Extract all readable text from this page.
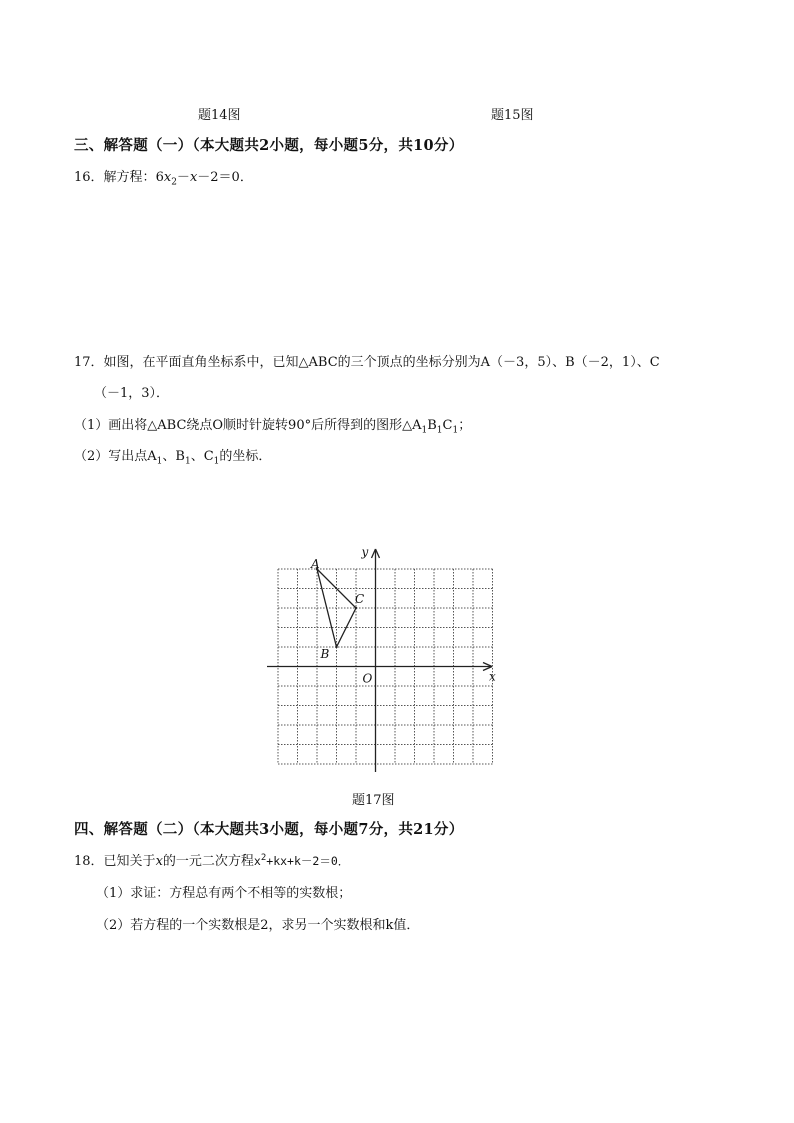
题14图	题15图
三、解答题（一）（本大题共2小题，每小题5分，共10分）
16．解方程：$6x_2-x-2=0$．
17．如图，在平面直角坐标系中，已知△ABC的三个顶点的坐标分别为A（－3，5）、B（－2，1）、C
（－1，3）．
（1）画出将△ABC绕点O顺时针旋转90°后所得到的图形$\triangle A_1B_1C_1$；
（2）写出点$A_1$、$B_1$、$C_1$的坐标．
y
x
O
A
B
C
题17图
四、解答题（二）（本大题共3小题，每小题7分，共21分）
18．已知关于x的一元二次方程$x^2+kx+k-2=0$．
（1）求证：方程总有两个不相等的实数根；
（2）若方程的一个实数根是2，求另一个实数根和k值．
